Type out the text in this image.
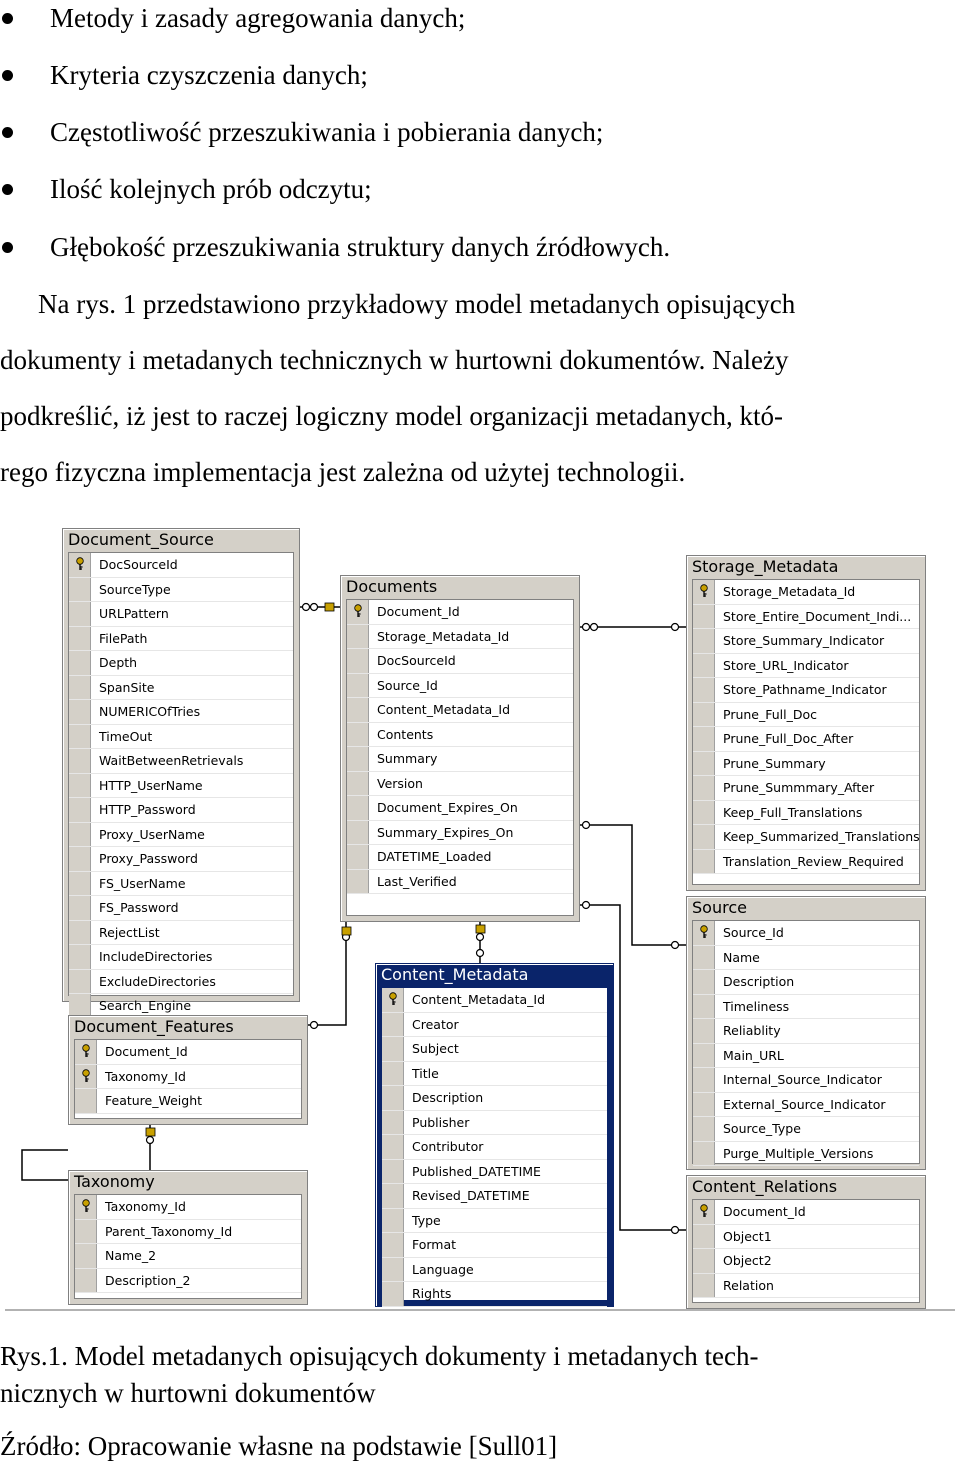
Metody i zasady agregowania danych;
Kryteria czyszczenia danych;
Częstotliwość przeszukiwania i pobierania danych;
Ilość kolejnych prób odczytu;
Głębokość przeszukiwania struktury danych źródłowych.
Na rys. 1 przedstawiono przykładowy model metadanych opisujących
dokumenty i metadanych technicznych w hurtowni dokumentów. Należy
podkreślić, iż jest to raczej logiczny model organizacji metadanych, któ-
rego fizyczna implementacja jest zależna od użytej technologii.
Document_Source
DocSourceId
SourceType
URLPattern
FilePath
Depth
SpanSite
NUMERICOfTries
TimeOut
WaitBetweenRetrievals
HTTP_UserName
HTTP_Password
Proxy_UserName
Proxy_Password
FS_UserName
FS_Password
RejectList
IncludeDirectories
ExcludeDirectories
Search_Engine
Documents
Document_Id
Storage_Metadata_Id
DocSourceId
Source_Id
Content_Metadata_Id
Contents
Summary
Version
Document_Expires_On
Summary_Expires_On
DATETIME_Loaded
Last_Verified
Storage_Metadata
Storage_Metadata_Id
Store_Entire_Document_Indi...
Store_Summary_Indicator
Store_URL_Indicator
Store_Pathname_Indicator
Prune_Full_Doc
Prune_Full_Doc_After
Prune_Summary
Prune_Summmary_After
Keep_Full_Translations
Keep_Summarized_Translations
Translation_Review_Required
Source
Source_Id
Name
Description
Timeliness
Reliablity
Main_URL
Internal_Source_Indicator
External_Source_Indicator
Source_Type
Purge_Multiple_Versions
Content_Metadata
Content_Metadata_Id
Creator
Subject
Title
Description
Publisher
Contributor
Published_DATETIME
Revised_DATETIME
Type
Format
Language
Rights
Document_Features
Document_Id
Taxonomy_Id
Feature_Weight
Taxonomy
Taxonomy_Id
Parent_Taxonomy_Id
Name_2
Description_2
Content_Relations
Document_Id
Object1
Object2
Relation
Rys.1. Model metadanych opisujących dokumenty i metadanych tech-
nicznych w hurtowni dokumentów
Źródło: Opracowanie własne na podstawie [Sull01]
